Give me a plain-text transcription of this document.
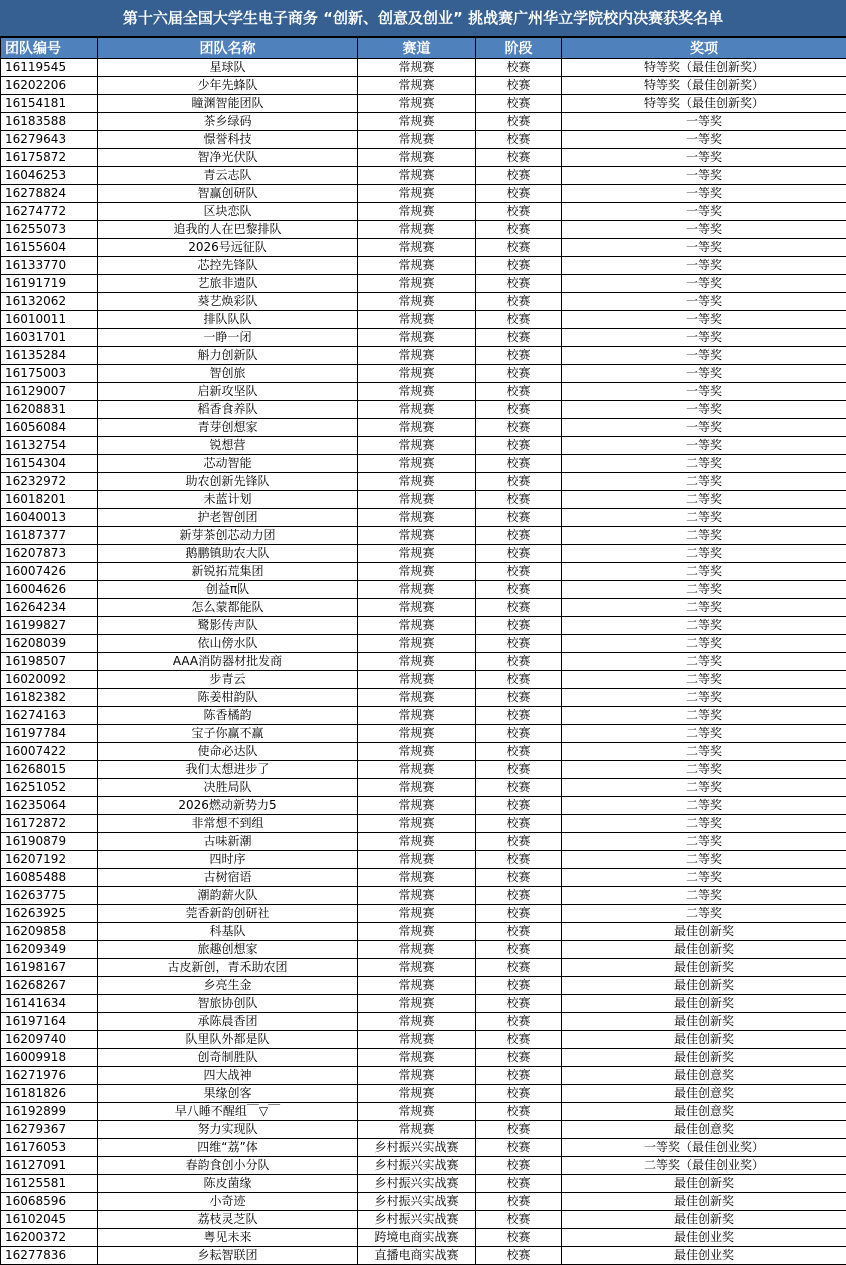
第十六届全国大学生电子商务 “创新、创意及创业” 挑战赛广州华立学院校内决赛获奖名单
团队编号	团队名称	赛道	阶段	奖项
16119545	星球队	常规赛	校赛	特等奖（最佳创新奖）
16202206	少年先蜂队	常规赛	校赛	特等奖（最佳创新奖）
16154181	瞳渊智能团队	常规赛	校赛	特等奖（最佳创新奖）
16183588	茶乡绿码	常规赛	校赛	一等奖
16279643	憬誉科技	常规赛	校赛	一等奖
16175872	智净光伏队	常规赛	校赛	一等奖
16046253	青云志队	常规赛	校赛	一等奖
16278824	智赢创研队	常规赛	校赛	一等奖
16274772	区块恋队	常规赛	校赛	一等奖
16255073	追我的人在巴黎排队	常规赛	校赛	一等奖
16155604	2026号远征队	常规赛	校赛	一等奖
16133770	芯控先锋队	常规赛	校赛	一等奖
16191719	艺旅非遗队	常规赛	校赛	一等奖
16132062	葵艺焕彩队	常规赛	校赛	一等奖
16010011	排队队队	常规赛	校赛	一等奖
16031701	一睁一闭	常规赛	校赛	一等奖
16135284	斛力创新队	常规赛	校赛	一等奖
16175003	智创旅	常规赛	校赛	一等奖
16129007	启新攻坚队	常规赛	校赛	一等奖
16208831	稻香食养队	常规赛	校赛	一等奖
16056084	青芽创想家	常规赛	校赛	一等奖
16132754	锐想营	常规赛	校赛	一等奖
16154304	芯动智能	常规赛	校赛	二等奖
16232972	助农创新先锋队	常规赛	校赛	二等奖
16018201	未蓝计划	常规赛	校赛	二等奖
16040013	护老智创团	常规赛	校赛	二等奖
16187377	新芽茶创芯动力团	常规赛	校赛	二等奖
16207873	鹅鹏镇助农大队	常规赛	校赛	二等奖
16007426	新锐拓荒集团	常规赛	校赛	二等奖
16004626	创益π队	常规赛	校赛	二等奖
16264234	怎么蒙都能队	常规赛	校赛	二等奖
16199827	鹭影传声队	常规赛	校赛	二等奖
16208039	依山傍水队	常规赛	校赛	二等奖
16198507	AAA消防器材批发商	常规赛	校赛	二等奖
16020092	步青云	常规赛	校赛	二等奖
16182382	陈姜柑韵队	常规赛	校赛	二等奖
16274163	陈香橘韵	常规赛	校赛	二等奖
16197784	宝子你赢不赢	常规赛	校赛	二等奖
16007422	使命必达队	常规赛	校赛	二等奖
16268015	我们太想进步了	常规赛	校赛	二等奖
16251052	决胜局队	常规赛	校赛	二等奖
16235064	2026燃动新势力5	常规赛	校赛	二等奖
16172872	非常想不到组	常规赛	校赛	二等奖
16190879	古味新潮	常规赛	校赛	二等奖
16207192	四时序	常规赛	校赛	二等奖
16085488	古树宿语	常规赛	校赛	二等奖
16263775	潮韵薪火队	常规赛	校赛	二等奖
16263925	莞香新韵创研社	常规赛	校赛	二等奖
16209858	科基队	常规赛	校赛	最佳创新奖
16209349	旅趣创想家	常规赛	校赛	最佳创新奖
16198167	古皮新创，青禾助农团	常规赛	校赛	最佳创新奖
16268267	乡亮生金	常规赛	校赛	最佳创新奖
16141634	智旅协创队	常规赛	校赛	最佳创新奖
16197164	承陈晨香团	常规赛	校赛	最佳创新奖
16209740	队里队外都是队	常规赛	校赛	最佳创新奖
16009918	创奇制胜队	常规赛	校赛	最佳创新奖
16271976	四大战神	常规赛	校赛	最佳创意奖
16181826	果缘创客	常规赛	校赛	最佳创意奖
16192899	早八睡不醒组￣▽￣	常规赛	校赛	最佳创意奖
16279367	努力实现队	常规赛	校赛	最佳创意奖
16176053	四维“荔”体	乡村振兴实战赛	校赛	一等奖（最佳创业奖）
16127091	春韵食创小分队	乡村振兴实战赛	校赛	二等奖（最佳创业奖）
16125581	陈皮菌缘	乡村振兴实战赛	校赛	最佳创新奖
16068596	小奇迹	乡村振兴实战赛	校赛	最佳创新奖
16102045	荔枝灵芝队	乡村振兴实战赛	校赛	最佳创新奖
16200372	粤见未来	跨境电商实战赛	校赛	最佳创业奖
16277836	乡耘智联团	直播电商实战赛	校赛	最佳创业奖
